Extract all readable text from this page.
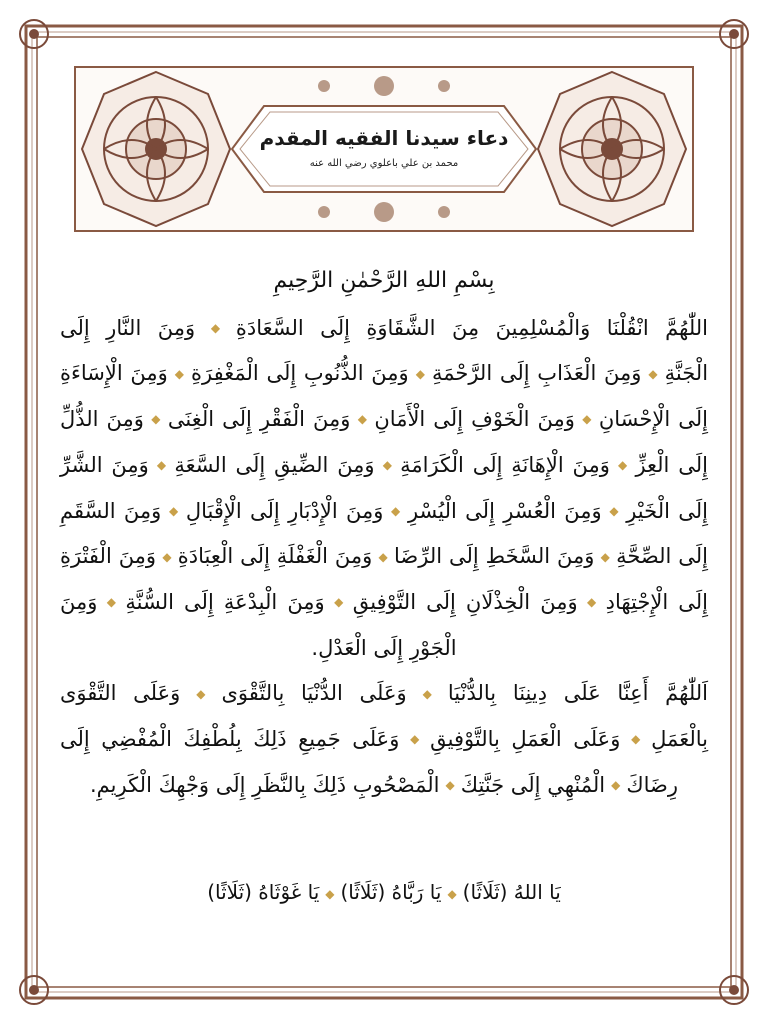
دعاء سيدنا الفقيه المقدم
محمد بن علي باعلوي رضي الله عنه
بِسْمِ اللهِ الرَّحْمٰنِ الرَّحِيمِ
اللّٰهُمَّ انْقُلْنَا وَالْمُسْلِمِينَ مِنَ الشَّقَاوَةِ إِلَى السَّعَادَةِ◆وَمِنَ النَّارِ إِلَى الْجَنَّةِ◆وَمِنَ الْعَذَابِ إِلَى الرَّحْمَةِ◆وَمِنَ الذُّنُوبِ إِلَى الْمَغْفِرَةِ◆وَمِنَ الْإِسَاءَةِ إِلَى الْإِحْسَانِ◆وَمِنَ الْخَوْفِ إِلَى الْأَمَانِ◆وَمِنَ الْفَقْرِ إِلَى الْغِنَى◆وَمِنَ الذُّلِّ إِلَى الْعِزِّ◆وَمِنَ الْإِهَانَةِ إِلَى الْكَرَامَةِ◆وَمِنَ الضِّيقِ إِلَى السَّعَةِ◆وَمِنَ الشَّرِّ إِلَى الْخَيْرِ◆وَمِنَ الْعُسْرِ إِلَى الْيُسْرِ◆وَمِنَ الْإِدْبَارِ إِلَى الْإِقْبَالِ◆وَمِنَ السَّقَمِ إِلَى الصِّحَّةِ◆وَمِنَ السَّخَطِ إِلَى الرِّضَا◆وَمِنَ الْغَفْلَةِ إِلَى الْعِبَادَةِ◆وَمِنَ الْفَتْرَةِ إِلَى الْإِجْتِهَادِ◆وَمِنَ الْخِذْلَانِ إِلَى التَّوْفِيقِ◆وَمِنَ الْبِدْعَةِ إِلَى السُّنَّةِ◆وَمِنَ الْجَوْرِ إِلَى الْعَدْلِ.
اَللّٰهُمَّ أَعِنَّا عَلَى دِينِنَا بِالدُّنْيَا◆وَعَلَى الدُّنْيَا بِالتَّقْوَى◆وَعَلَى التَّقْوَى بِالْعَمَلِ◆وَعَلَى الْعَمَلِ بِالتَّوْفِيقِ◆وَعَلَى جَمِيعِ ذَلِكَ بِلُطْفِكَ الْمُفْضِي إِلَى رِضَاكَ◆الْمُنْهِي إِلَى جَنَّتِكَ◆الْمَصْحُوبِ ذَلِكَ بِالنَّظَرِ إِلَى وَجْهِكَ الْكَرِيمِ.
يَا اللهُ (ثَلَاثًا)◆يَا رَبَّاهُ (ثَلَاثًا)◆يَا غَوْثَاهُ (ثَلَاثًا)
